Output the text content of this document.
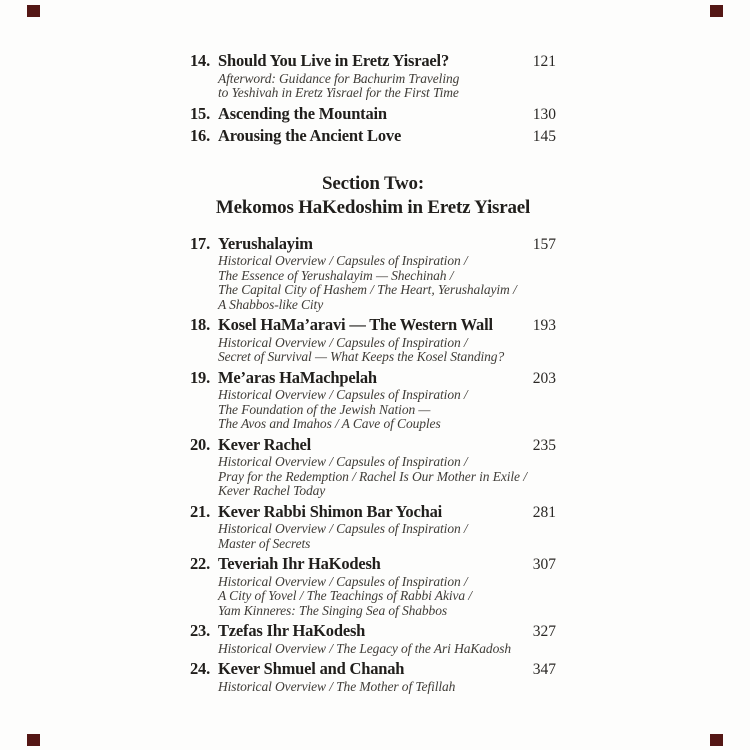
14. Should You Live in Eretz Yisrael?	121
Afterword: Guidance for Bachurim Traveling
to Yeshivah in Eretz Yisrael for the First Time
15. Ascending the Mountain	130
16. Arousing the Ancient Love	145
Section Two:
Mekomos HaKedoshim in Eretz Yisrael
17. Yerushalayim	157
Historical Overview / Capsules of Inspiration /
The Essence of Yerushalayim — Shechinah /
The Capital City of Hashem / The Heart, Yerushalayim /
A Shabbos-like City
18. Kosel HaMa’aravi — The Western Wall	193
Historical Overview / Capsules of Inspiration /
Secret of Survival — What Keeps the Kosel Standing?
19. Me’aras HaMachpelah	203
Historical Overview / Capsules of Inspiration /
The Foundation of the Jewish Nation —
The Avos and Imahos / A Cave of Couples
20. Kever Rachel	235
Historical Overview / Capsules of Inspiration /
Pray for the Redemption / Rachel Is Our Mother in Exile /
Kever Rachel Today
21. Kever Rabbi Shimon Bar Yochai	281
Historical Overview / Capsules of Inspiration /
Master of Secrets
22. Teveriah Ihr HaKodesh	307
Historical Overview / Capsules of Inspiration /
A City of Yovel / The Teachings of Rabbi Akiva /
Yam Kinneres: The Singing Sea of Shabbos
23. Tzefas Ihr HaKodesh	327
Historical Overview / The Legacy of the Ari HaKadosh
24. Kever Shmuel and Chanah	347
Historical Overview / The Mother of Tefillah
